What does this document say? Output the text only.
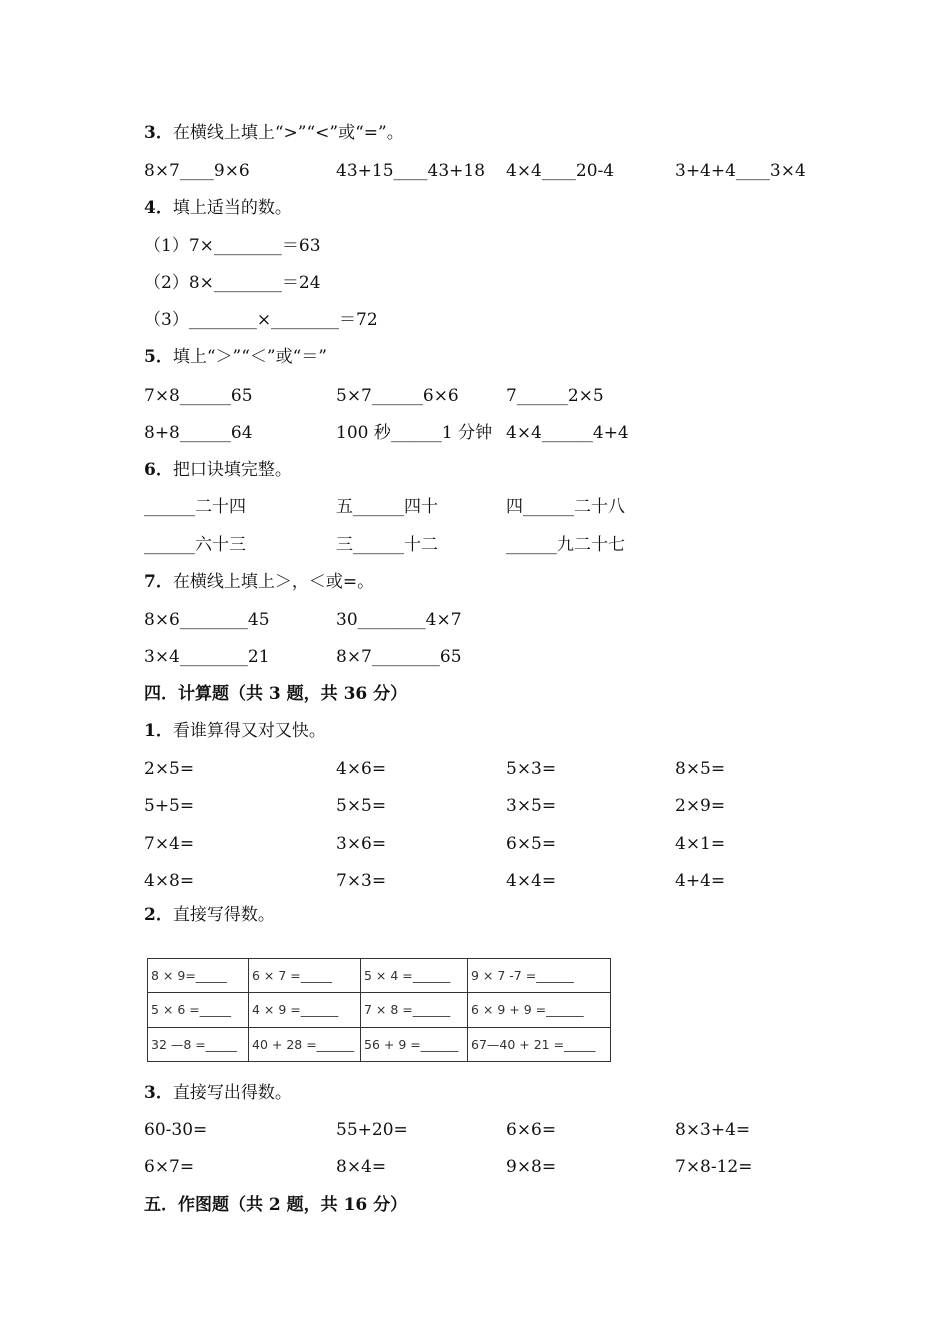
3．在横线上填上“>”“<”或“=”。
8×7____9×6	43+15____43+18 4×4____20-4	3+4+4____3×4
4．填上适当的数。
（1）7×________＝63
（2）8×________＝24
（3）________×________＝72
5．填上“＞”“＜”或“＝”
7×8______65	5×7______6×6	7______2×5
8+8______64	100 秒______1 分钟 4×4______4+4
6．把口诀填完整。
______二十四	五______四十	四______二十八
______六十三	三______十二	______九二十七
7．在横线上填上＞，＜或=。
8×6________45	30________4×7
3×4________21	8×7________65
四．计算题（共 3 题，共 36 分）
1．看谁算得又对又快。
2×5=	4×6=	5×3=	8×5=
5+5=	5×5=	3×5=	2×9=
7×4=	3×6=	6×5=	4×1=
4×8=	7×3=	4×4=	4+4=
2．直接写得数。
8 × 9=_____	6 × 7 =_____	5 × 4 =______	9 × 7 -7 =______
5 × 6 =_____	4 × 9 =______	7 × 8 =______	6 × 9 + 9 =______
32 —8 =_____	40 + 28 =______	56 + 9 =______	67—40 + 21 =_____
3．直接写出得数。
60-30=	55+20=	6×6=	8×3+4=
6×7=	8×4=	9×8=	7×8-12=
五．作图题（共 2 题，共 16 分）
